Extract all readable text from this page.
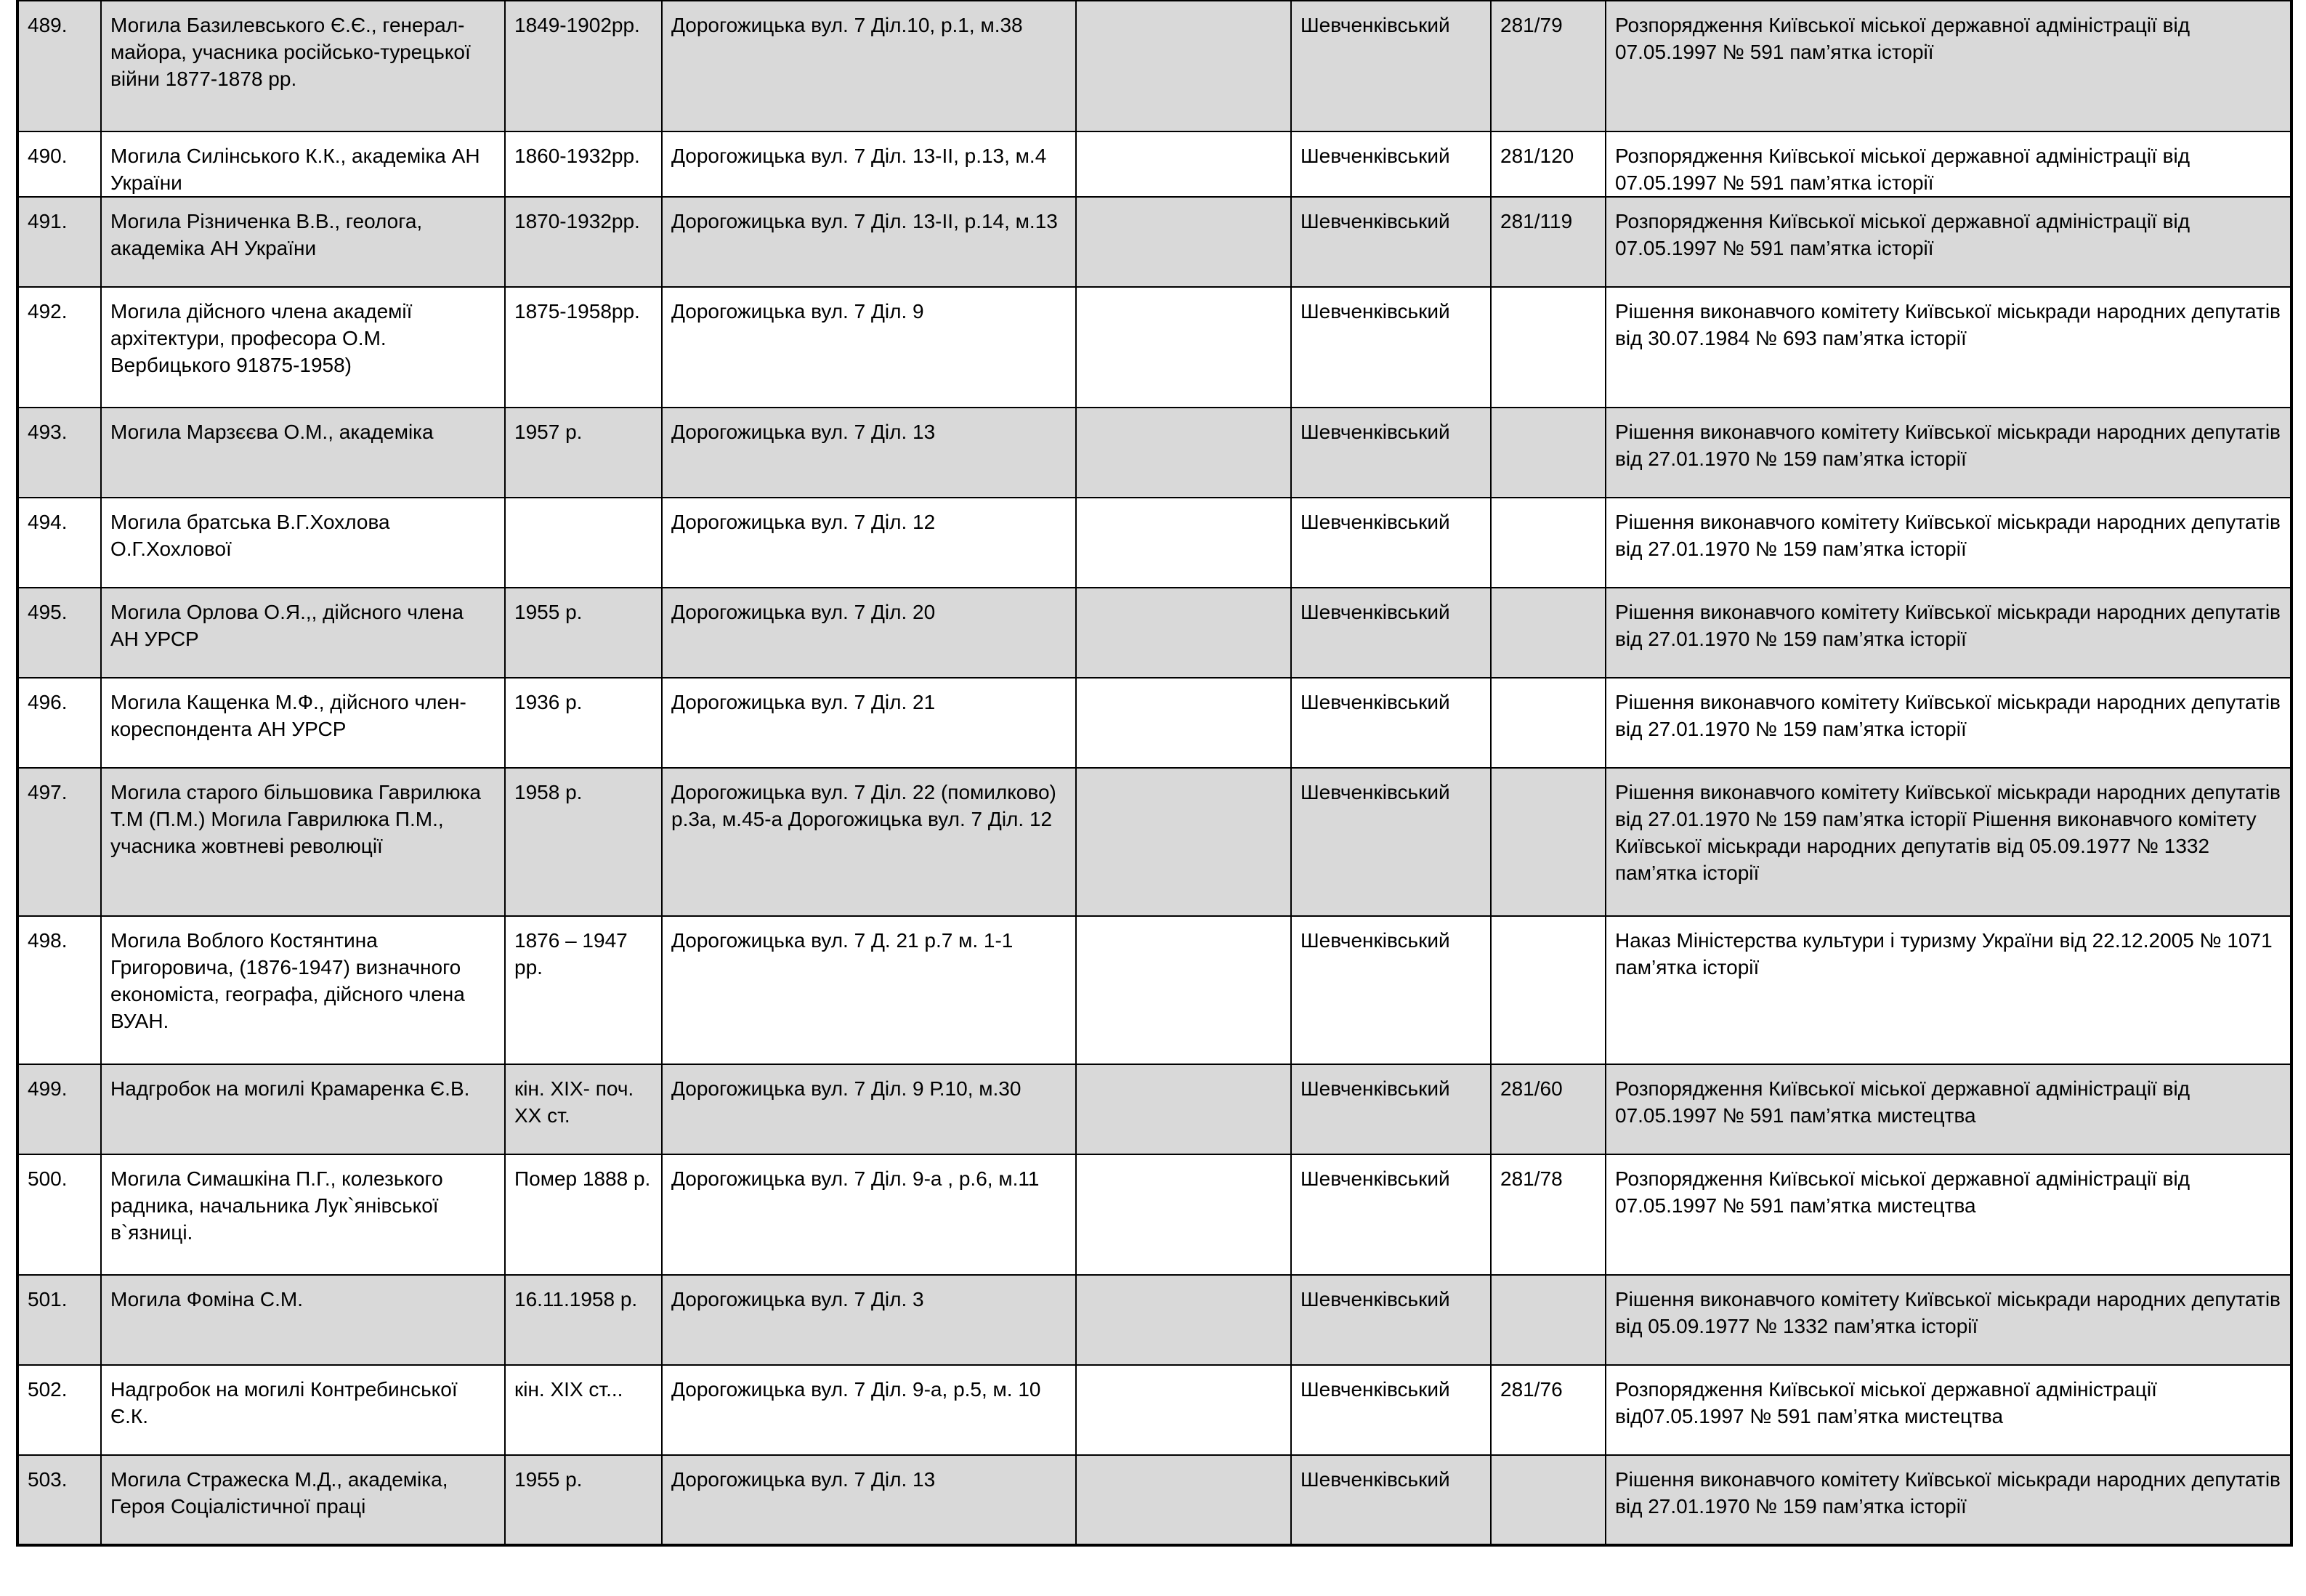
489.	Могила Базилевського Є.Є., генерал-майора, учасника російсько-турецької війни 1877-1878 рр.	1849-1902рр.	Дорогожицька вул. 7 Діл.10, р.1, м.38		Шевченківський	281/79	Розпорядження Київської міської державної адміністрації від 07.05.1997 № 591 пам’ятка історії
490.	Могила Силінського К.К., академіка АН України	1860-1932рр.	Дорогожицька вул. 7 Діл. 13-ІІ, р.13, м.4		Шевченківський	281/120	Розпорядження Київської міської державної адміністрації від 07.05.1997 № 591 пам’ятка історії
491.	Могила Різниченка В.В., геолога, академіка АН України	1870-1932рр.	Дорогожицька вул. 7 Діл. 13-ІІ, р.14, м.13		Шевченківський	281/119	Розпорядження Київської міської державної адміністрації від 07.05.1997 № 591 пам’ятка історії
492.	Могила дійсного члена академії архітектури, професора О.М. Вербицького 91875-1958)	1875-1958рр.	Дорогожицька вул. 7 Діл. 9		Шевченківський		Рішення виконавчого комітету Київської міськради народних депутатів від 30.07.1984 № 693 пам’ятка історії
493.	Могила Марзєєва О.М., академіка	1957 р.	Дорогожицька вул. 7 Діл. 13		Шевченківський		Рішення виконавчого комітету Київської міськради народних депутатів від 27.01.1970 № 159 пам’ятка історії
494.	Могила братська В.Г.Хохлова О.Г.Хохлової		Дорогожицька вул. 7 Діл. 12		Шевченківський		Рішення виконавчого комітету Київської міськради народних депутатів від 27.01.1970 № 159 пам’ятка історії
495.	Могила Орлова О.Я.,, дійсного члена АН УРСР	1955 р.	Дорогожицька вул. 7 Діл. 20		Шевченківський		Рішення виконавчого комітету Київської міськради народних депутатів від 27.01.1970 № 159 пам’ятка історії
496.	Могила Кащенка М.Ф., дійсного член-кореспондента АН УРСР	1936 р.	Дорогожицька вул. 7 Діл. 21		Шевченківський		Рішення виконавчого комітету Київської міськради народних депутатів від 27.01.1970 № 159 пам’ятка історії
497.	Могила старого більшовика Гаврилюка Т.М (П.М.) Могила Гаврилюка П.М., учасника жовтневі революції	1958 р.	Дорогожицька вул. 7 Діл. 22 (помилково) р.3а, м.45-а Дорогожицька вул. 7 Діл. 12		Шевченківський		Рішення виконавчого комітету Київської міськради народних депутатів від 27.01.1970 № 159 пам’ятка історії Рішення виконавчого комітету Київської міськради народних депутатів від 05.09.1977 № 1332 пам’ятка історії
498.	Могила Воблого Костянтина Григоровича, (1876-1947) визначного економіста, географа, дійсного члена ВУАН.	1876 – 1947 рр.	Дорогожицька вул. 7 Д. 21 р.7 м. 1-1		Шевченківський		Наказ Міністерства культури і туризму України від 22.12.2005 № 1071 пам’ятка історії
499.	Надгробок на могилі Крамаренка Є.В.	кін. XIX- поч. XX ст.	Дорогожицька вул. 7 Діл. 9 Р.10, м.30		Шевченківський	281/60	Розпорядження Київської міської державної адміністрації від 07.05.1997 № 591 пам’ятка мистецтва
500.	Могила Симашкіна П.Г., колезького радника, начальника Лук`янівської в`язниці.	Помер 1888 р.	Дорогожицька вул. 7 Діл. 9-а , р.6, м.11		Шевченківський	281/78	Розпорядження Київської міської державної адміністрації від 07.05.1997 № 591 пам’ятка мистецтва
501.	Могила Фоміна С.М.	16.11.1958 р.	Дорогожицька вул. 7 Діл. 3		Шевченківський		Рішення виконавчого комітету Київської міськради народних депутатів від 05.09.1977 № 1332 пам’ятка історії
502.	Надгробок на могилі Контребинської Є.К.	кін. XIX ст...	Дорогожицька вул. 7 Діл. 9-а, р.5, м. 10		Шевченківський	281/76	Розпорядження Київської міської державної адміністрації від07.05.1997 № 591 пам’ятка мистецтва
503.	Могила Стражеска М.Д., академіка, Героя Соціалістичної праці	1955 р.	Дорогожицька вул. 7 Діл. 13		Шевченківський		Рішення виконавчого комітету Київської міськради народних депутатів від 27.01.1970 № 159 пам’ятка історії
